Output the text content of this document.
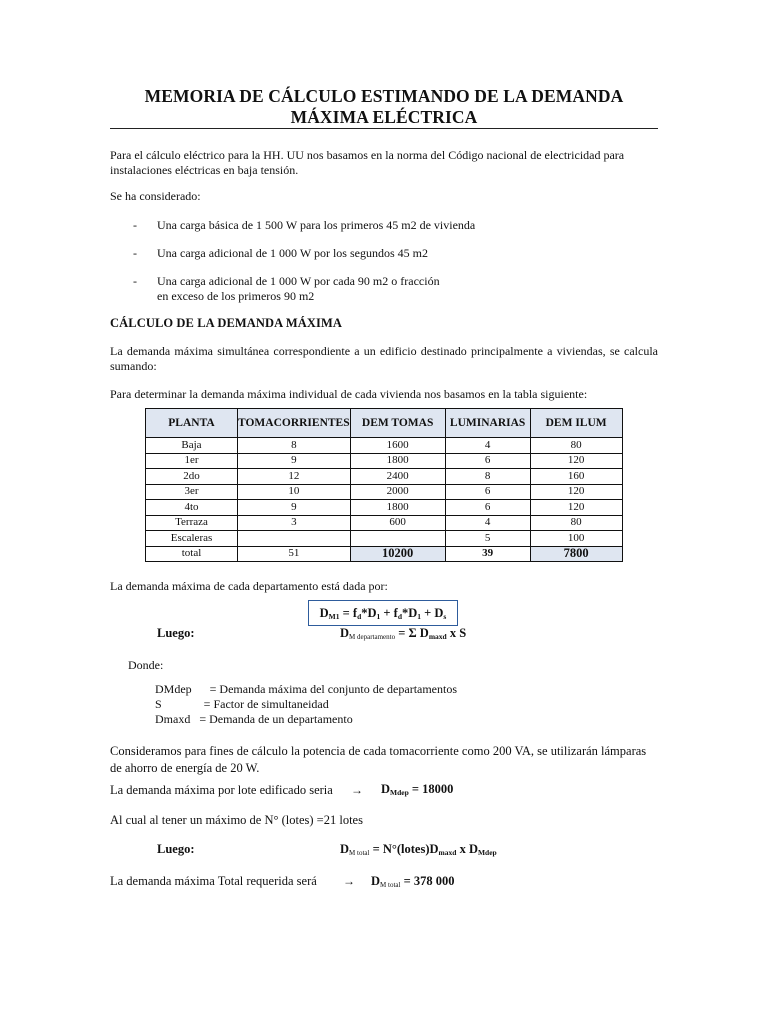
MEMORIA DE CÁLCULO ESTIMANDO DE LA DEMANDA
MÁXIMA ELÉCTRICA
Para el cálculo eléctrico para la HH. UU nos basamos en la norma del Código nacional de electricidad para instalaciones eléctricas en baja tensión.
Se ha considerado:
- Una carga básica de 1 500 W para los primeros 45 m2 de vivienda
- Una carga adicional de 1 000 W por los segundos 45 m2
- Una carga adicional de 1 000 W por cada 90 m2 o fracción
en exceso de los primeros 90 m2
CÁLCULO DE LA DEMANDA MÁXIMA
La demanda máxima simultánea correspondiente a un edificio destinado principalmente a viviendas, se calcula sumando:
Para determinar la demanda máxima individual de cada vivienda nos basamos en la tabla siguiente:
PLANTA	TOMACORRIENTES	DEM TOMAS	LUMINARIAS	DEM ILUM
Baja	8	1600	4	80
1er	9	1800	6	120
2do	12	2400	8	160
3er	10	2000	6	120
4to	9	1800	6	120
Terraza	3	600	4	80
Escaleras			5	100
total	51	10200	39	7800
La demanda máxima de cada departamento está dada por:
$D_{M1} = f_d*D_1 + f_d*D_1 + D_s$
Luego:	DM departamento = Σ $D_{maxd}$ x S
Donde:
DMdep      = Demanda máxima del conjunto de departamentos
S              = Factor de simultaneidad
Dmaxd   = Demanda de un departamento
Consideramos para fines de cálculo la potencia de cada tomacorriente como 200 VA, se utilizarán lámparas de ahorro de energía de 20 W.
La demanda máxima por lote edificado seria	→ $D_{Mdep} = 18000$
Al cual al tener un máximo de N° (lotes) =21 lotes
Luego:	DM total = $N^\circ(lotes)D_{maxd}$ x $D_{Mdep}$
La demanda máxima Total requerida será	→ DM total = 378 000
